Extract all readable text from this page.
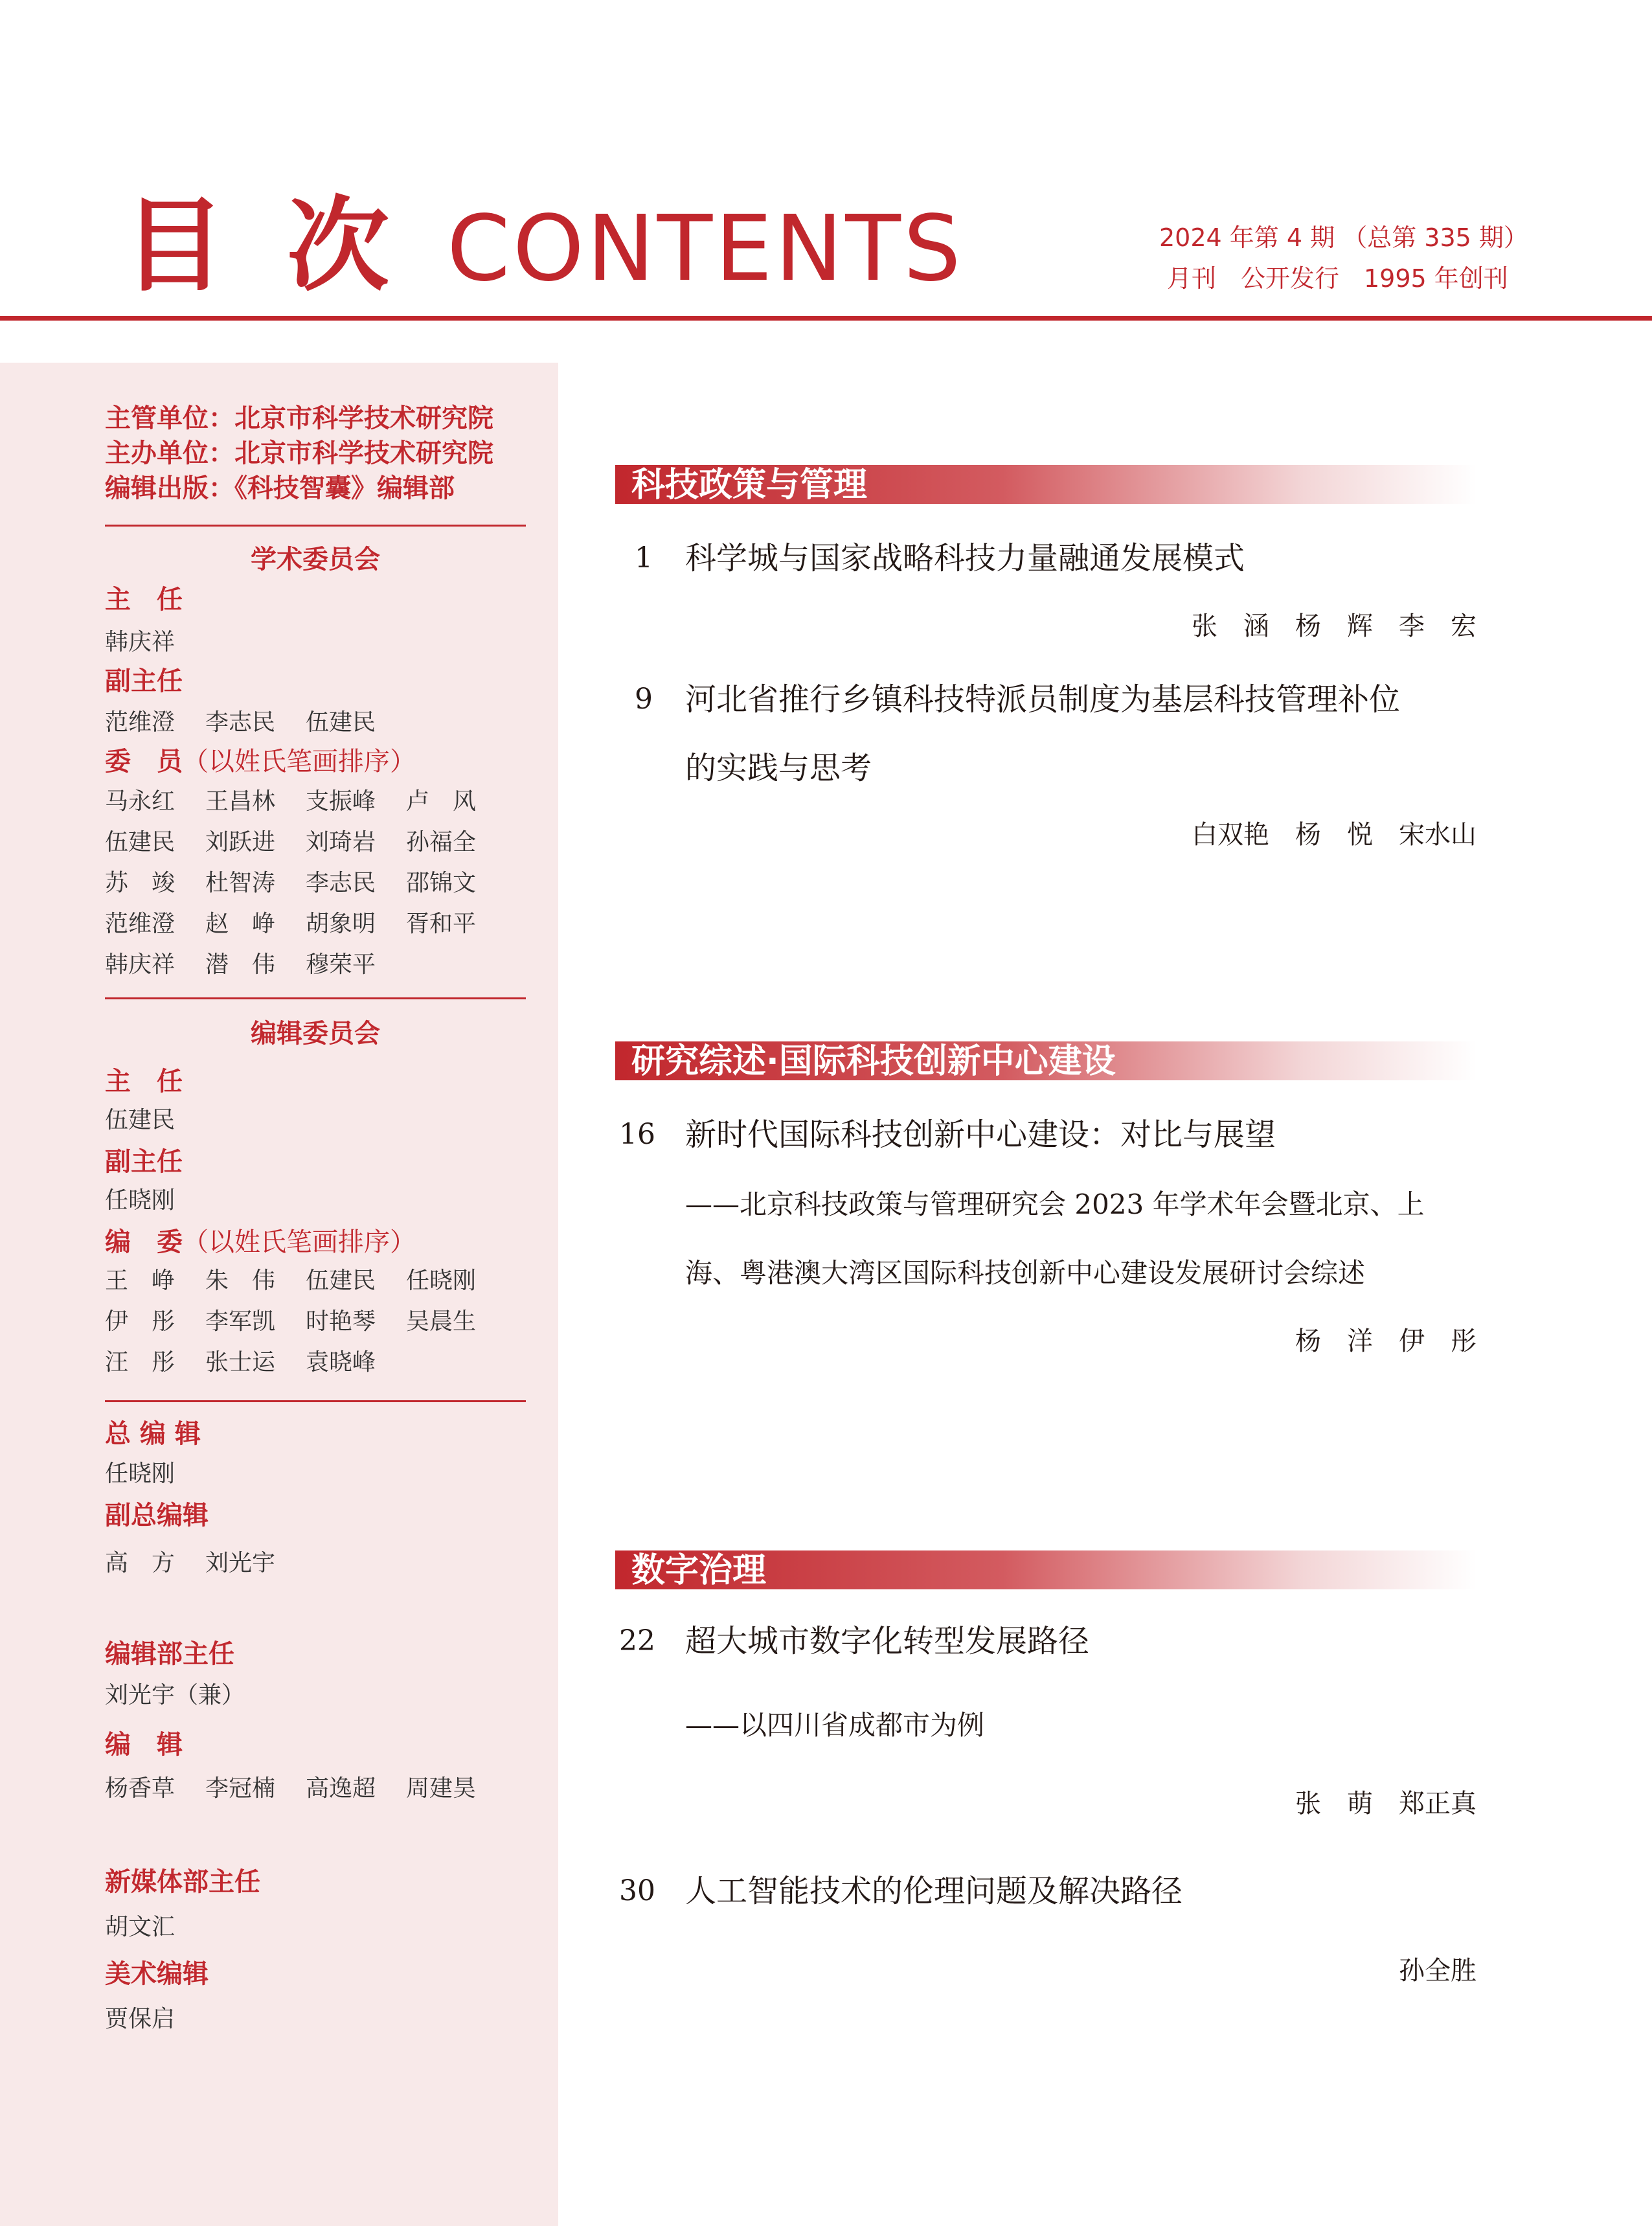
目 次 CONTENTS	2024 年第 4 期 （总第 335 期）
月刊　公开发行　1995 年创刊
主管单位：北京市科学技术研究院
主办单位：北京市科学技术研究院
编辑出版：《科技智囊》编辑部
学术委员会
主　任
韩庆祥
副主任
范维澄	李志民	伍建民
委　员（以姓氏笔画排序）
马永红	王昌林	支振峰	卢　风
伍建民	刘跃进	刘琦岩	孙福全
苏　竣	杜智涛	李志民	邵锦文
范维澄	赵　峥	胡象明	胥和平
韩庆祥	潜　伟	穆荣平
编辑委员会
主　任
伍建民
副主任
任晓刚
编　委（以姓氏笔画排序）
王　峥	朱　伟	伍建民	任晓刚
伊　彤	李军凯	时艳琴	吴晨生
汪　彤	张士运	袁晓峰
总 编 辑
任晓刚
副总编辑
高　方	刘光宇
编辑部主任
刘光宇（兼）
编　辑
杨香草	李冠楠	高逸超	周建昊
新媒体部主任
胡文汇
美术编辑
贾保启
科技政策与管理
1 科学城与国家战略科技力量融通发展模式
张　涵　杨　辉　李　宏
9 河北省推行乡镇科技特派员制度为基层科技管理补位
的实践与思考
白双艳　杨　悦　宋水山
研究综述·国际科技创新中心建设
16 新时代国际科技创新中心建设：对比与展望
——北京科技政策与管理研究会 2023 年学术年会暨北京、上
海、粤港澳大湾区国际科技创新中心建设发展研讨会综述
杨　洋　伊　彤
数字治理
22 超大城市数字化转型发展路径
——以四川省成都市为例
张　萌　郑正真
30 人工智能技术的伦理问题及解决路径
孙全胜
